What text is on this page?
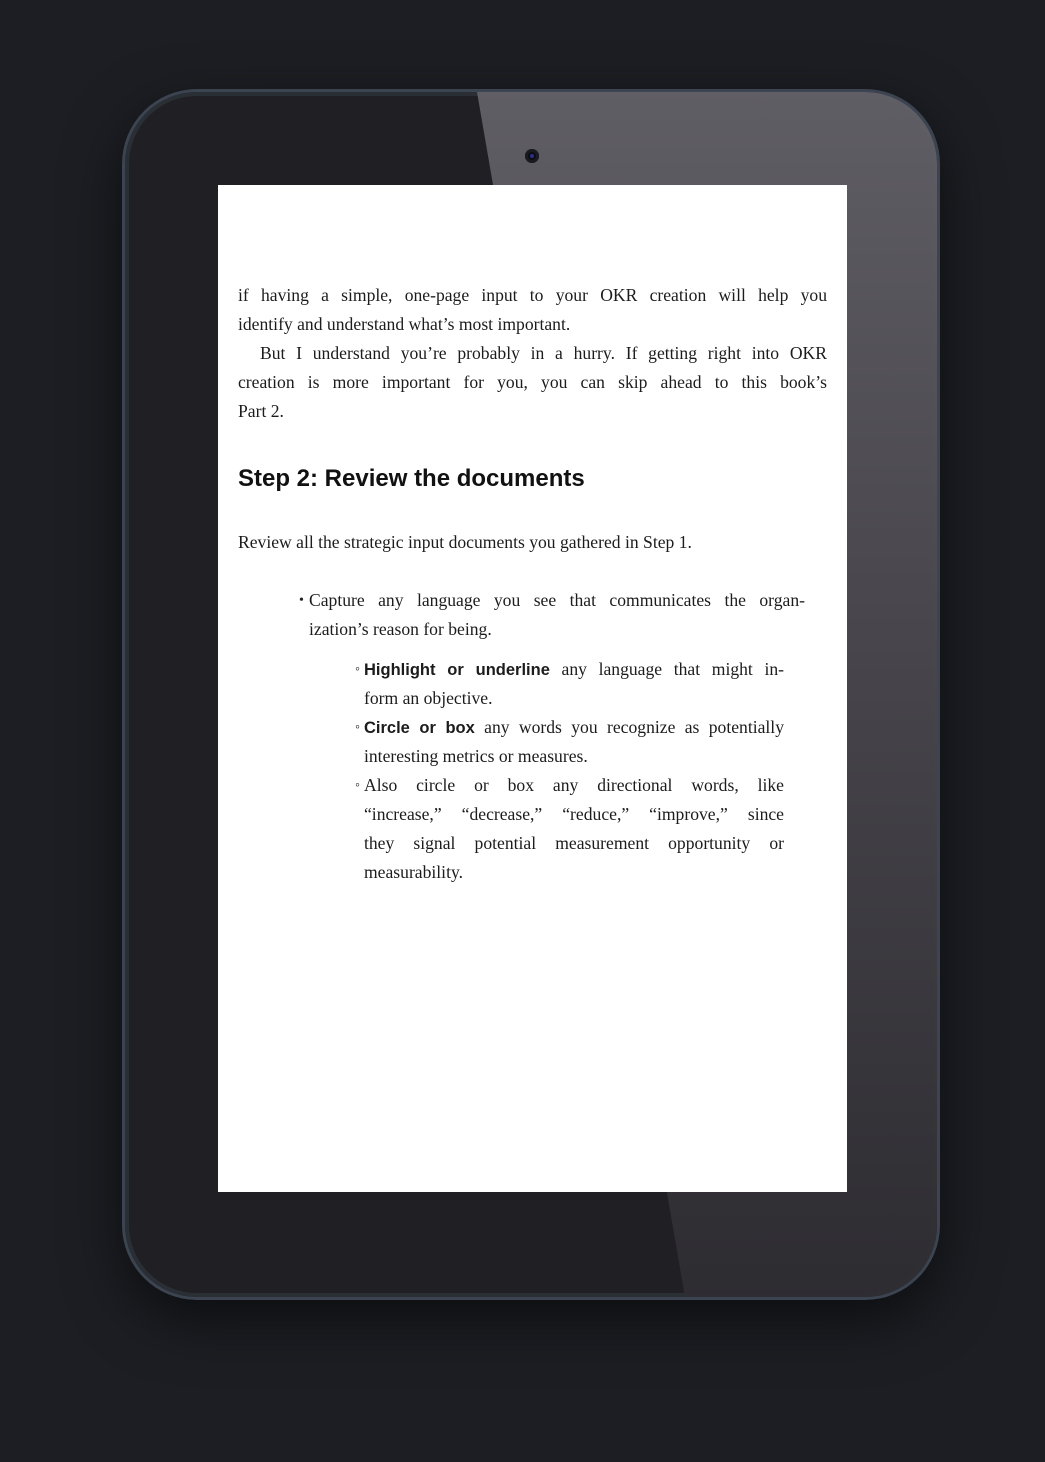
if having a simple, one-page input to your OKR creation will help you
identify and understand what’s most important.
But I understand you’re probably in a hurry. If getting right into OKR
creation is more important for you, you can skip ahead to this book’s
Part 2.
Step 2: Review the documents
Review all the strategic input documents you gathered in Step 1.
• Capture any language you see that communicates the organ-
ization’s reason for being.
◦ Highlight or underline any language that might in-
form an objective.
◦ Circle or box any words you recognize as potentially
interesting metrics or measures.
◦ Also circle or box any directional words, like
“increase,” “decrease,” “reduce,” “improve,” since
they signal potential measurement opportunity or
measurability.
